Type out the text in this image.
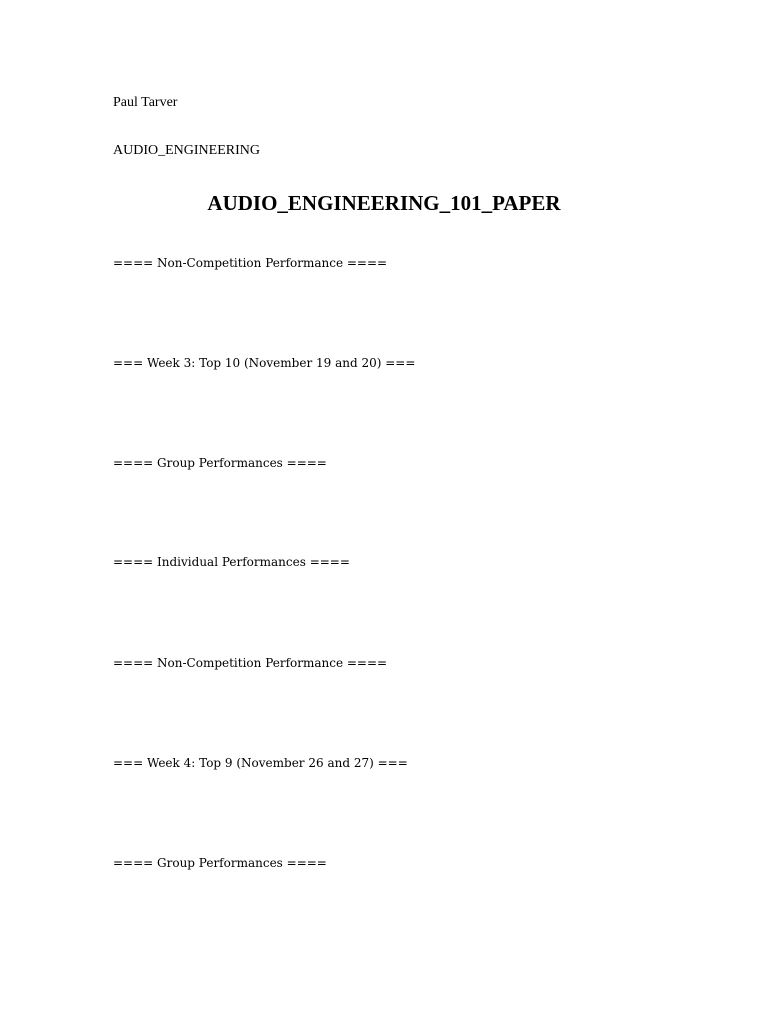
Paul Tarver
AUDIO_ENGINEERING
AUDIO_ENGINEERING_101_PAPER
==== Non-Competition Performance ====
=== Week 3: Top 10 (November 19 and 20) ===
==== Group Performances ====
==== Individual Performances ====
==== Non-Competition Performance ====
=== Week 4: Top 9 (November 26 and 27) ===
==== Group Performances ====
